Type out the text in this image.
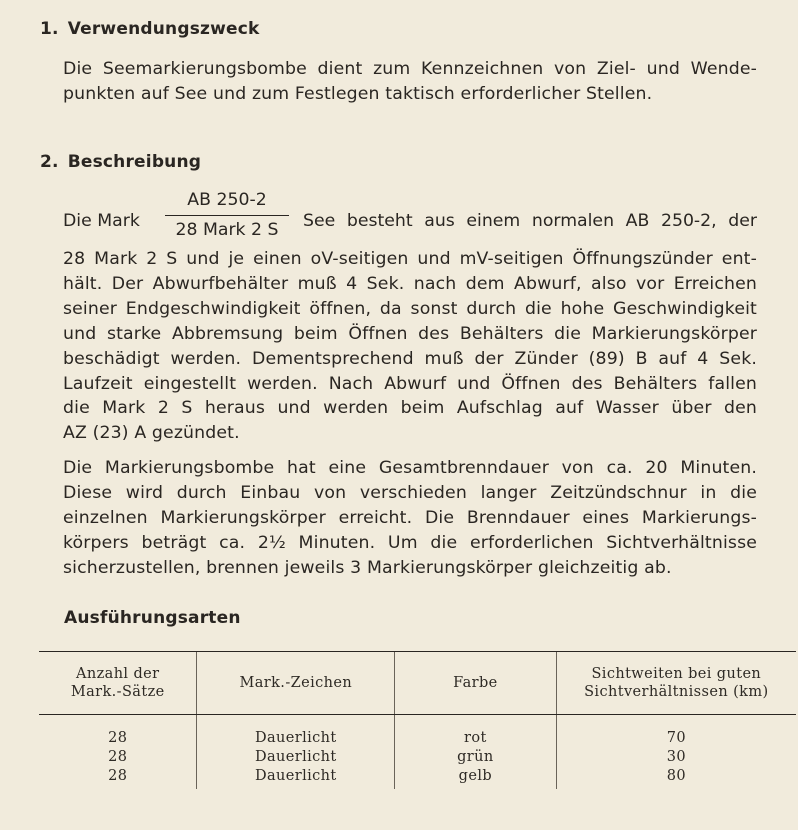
1. Verwendungszweck
Die Seemarkierungsbombe dient zum Kennzeichnen von Ziel- und Wende-
punkten auf See und zum Festlegen taktisch erforderlicher Stellen.
2. Beschreibung
Die Mark
AB 250-2
28 Mark 2 S	See besteht aus einem normalen AB 250-2, der
28 Mark 2 S und je einen oV-seitigen und mV-seitigen Öffnungszünder ent-
hält. Der Abwurfbehälter muß 4 Sek. nach dem Abwurf, also vor Erreichen
seiner Endgeschwindigkeit öffnen, da sonst durch die hohe Geschwindigkeit
und starke Abbremsung beim Öffnen des Behälters die Markierungskörper
beschädigt werden. Dementsprechend muß der Zünder (89) B auf 4 Sek.
Laufzeit eingestellt werden. Nach Abwurf und Öffnen des Behälters fallen
die Mark 2 S heraus und werden beim Aufschlag auf Wasser über den
AZ (23) A gezündet.
Die Markierungsbombe hat eine Gesamtbrenndauer von ca. 20 Minuten.
Diese wird durch Einbau von verschieden langer Zeitzündschnur in die
einzelnen Markierungskörper erreicht. Die Brenndauer eines Markierungs-
körpers beträgt ca. 2½ Minuten. Um die erforderlichen Sichtverhältnisse
sicherzustellen, brennen jeweils 3 Markierungskörper gleichzeitig ab.
Ausführungsarten
Anzahl der
Mark.-Sätze	Mark.-Zeichen	Farbe	Sichtweiten bei guten
Sichtverhältnissen (km)
28	Dauerlicht	rot	70
28	Dauerlicht	grün	30
28	Dauerlicht	gelb	80
